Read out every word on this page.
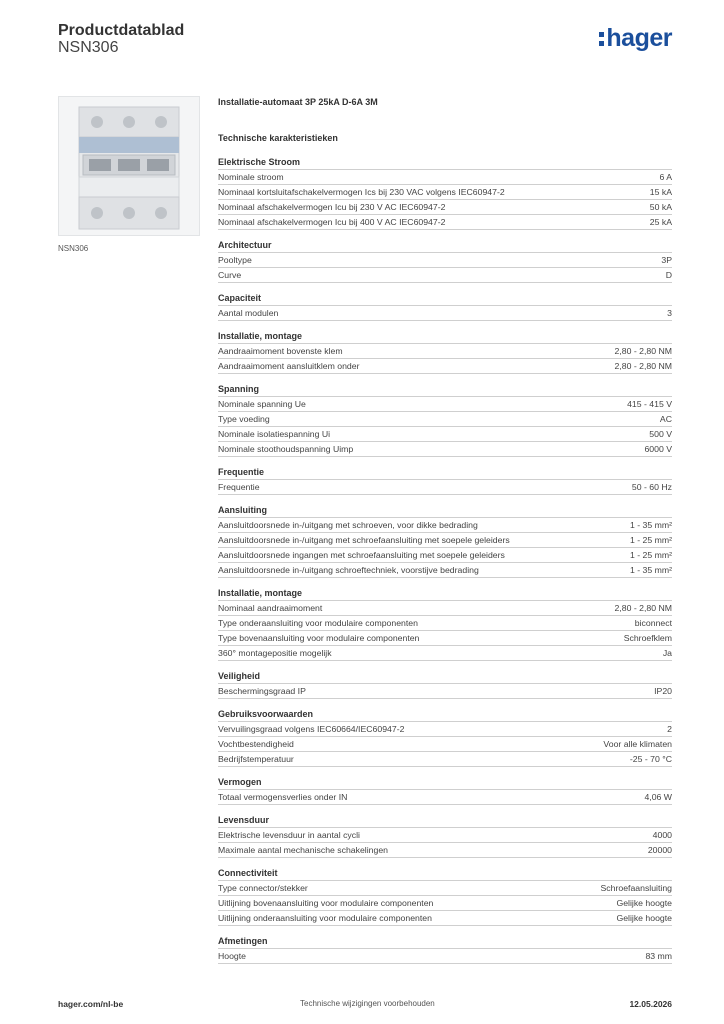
Productdatablad
NSN306	hager
NSN306
Installatie-automaat 3P 25kA D-6A 3M
Technische karakteristieken
Elektrische Stroom
Nominale stroom	6 A
Nominaal kortsluitafschakelvermogen Ics bij 230 VAC volgens IEC60947-2	15 kA
Nominaal afschakelvermogen Icu bij 230 V AC IEC60947-2	50 kA
Nominaal afschakelvermogen Icu bij 400 V AC IEC60947-2	25 kA
Architectuur
Pooltype	3P
Curve	D
Capaciteit
Aantal modulen	3
Installatie, montage
Aandraaimoment bovenste klem	2,80 - 2,80 NM
Aandraaimoment aansluitklem onder	2,80 - 2,80 NM
Spanning
Nominale spanning Ue	415 - 415 V
Type voeding	AC
Nominale isolatiespanning Ui	500 V
Nominale stoothoudspanning Uimp	6000 V
Frequentie
Frequentie	50 - 60 Hz
Aansluiting
Aansluitdoorsnede in-/uitgang met schroeven, voor dikke bedrading	1 - 35 mm²
Aansluitdoorsnede in-/uitgang met schroefaansluiting met soepele geleiders	1 - 25 mm²
Aansluitdoorsnede ingangen met schroefaansluiting met soepele geleiders	1 - 25 mm²
Aansluitdoorsnede in-/uitgang schroeftechniek, voorstijve bedrading	1 - 35 mm²
Installatie, montage
Nominaal aandraaimoment	2,80 - 2,80 NM
Type onderaansluiting voor modulaire componenten	biconnect
Type bovenaansluiting voor modulaire componenten	Schroefklem
360° montagepositie mogelijk	Ja
Veiligheid
Beschermingsgraad IP	IP20
Gebruiksvoorwaarden
Vervuilingsgraad volgens IEC60664/IEC60947-2	2
Vochtbestendigheid	Voor alle klimaten
Bedrijfstemperatuur	-25 - 70 °C
Vermogen
Totaal vermogensverlies onder IN	4,06 W
Levensduur
Elektrische levensduur in aantal cycli	4000
Maximale aantal mechanische schakelingen	20000
Connectiviteit
Type connector/stekker	Schroefaansluiting
Uitlijning bovenaansluiting voor modulaire componenten	Gelijke hoogte
Uitlijning onderaansluiting voor modulaire componenten	Gelijke hoogte
Afmetingen
Hoogte	83 mm
hager.com/nl-be	Technische wijzigingen voorbehouden	12.05.2026
